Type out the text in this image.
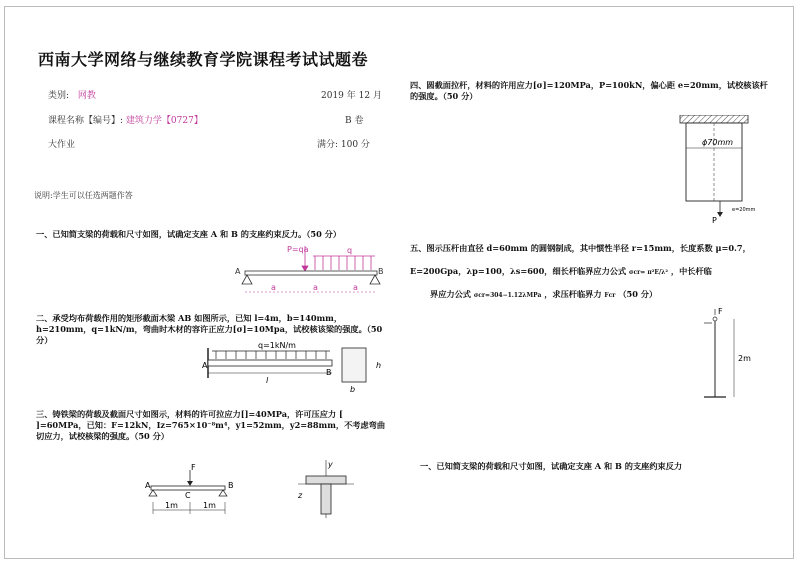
西南大学网络与继续教育学院课程考试试题卷
类别: 网教	2019 年 12 月
课程名称【编号】: 建筑力学【0727】	B 卷
大作业	满分: 100 分
说明:学生可以任选两题作答
一、已知简支梁的荷载和尺寸如图，试确定支座 A 和 B 的支座约束反力。（50 分）
P=qa	q
A	B
a	a	a
二、承受均布荷载作用的矩形截面木梁 AB 如图所示，已知 l=4m，b=140mm，h=210mm，q=1kN/m，弯曲时木材的容许正应力[σ]=10Mpa，试校核该梁的强度。（50 分）
q=1kN/m
A
B
l
h
b
三、铸铁梁的荷载及截面尺寸如图示，材料的许可拉应力[]=40MPa，许可压应力 [ ]=60MPa，已知：F=12kN，Iz=765×10⁻⁸m⁴，y1=52mm，y2=88mm，不考虑弯曲切应力，试校核梁的强度。（50 分）
F
A
C
B
1m	1m
y
z
四、圆截面拉杆，材料的许用应力[σ]=120MPa，P=100kN，偏心距 e=20mm，试校核该杆的强度。（50 分）
ϕ70mm
P
e=20mm
五、图示压杆由直径 d=60mm 的圆钢制成，其中惯性半径 r=15mm，长度系数 μ=0.7，
E=200Gpa，λp=100，λs=600，细长杆临界应力公式 σcr= π²E/λ² ，中长杆临
界应力公式 σcr=304−1.12λMPa ，求压杆临界力 Fcr （50 分）
F
2m
一、已知简支梁的荷载和尺寸如图，试确定支座 A 和 B 的支座约束反力
